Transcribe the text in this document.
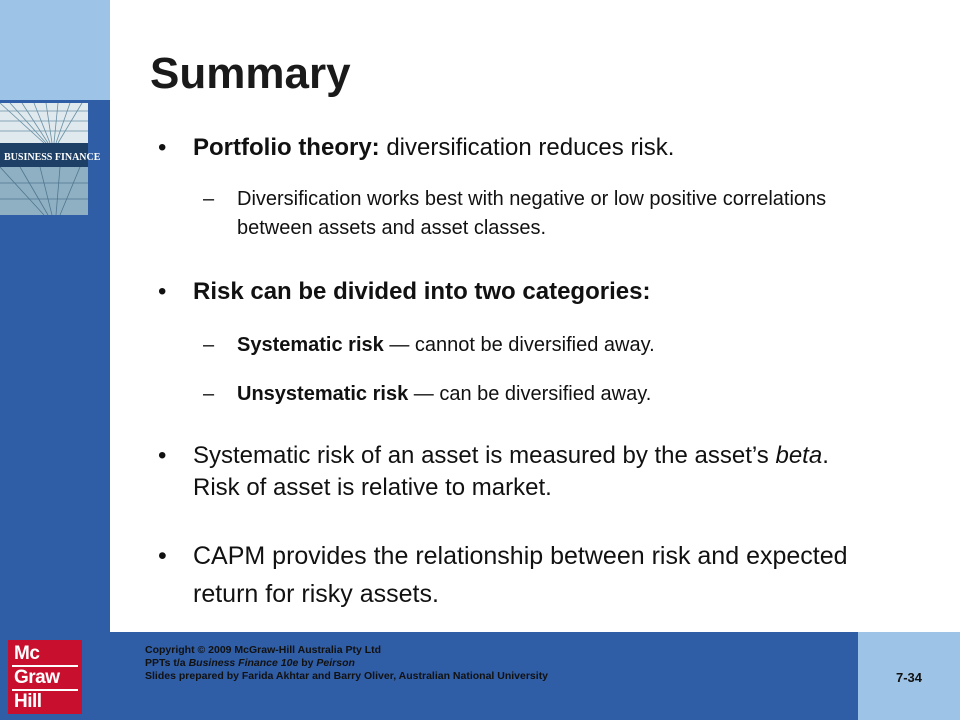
BUSINESS FINANCE
Summary
• Portfolio theory: diversification reduces risk.
– Diversification works best with negative or low positive correlations between assets and asset classes.
• Risk can be divided into two categories:
– Systematic risk — cannot be diversified away.
– Unsystematic risk — can be diversified away.
• Systematic risk of an asset is measured by the asset’s beta. Risk of asset is relative to market.
• CAPM provides the relationship between risk and expected return for risky assets.
Mc
Graw
Hill
Copyright © 2009 McGraw-Hill Australia Pty Ltd
PPTs t/a Business Finance 10e by Peirson
Slides prepared by Farida Akhtar and Barry Oliver, Australian National University	7-34
